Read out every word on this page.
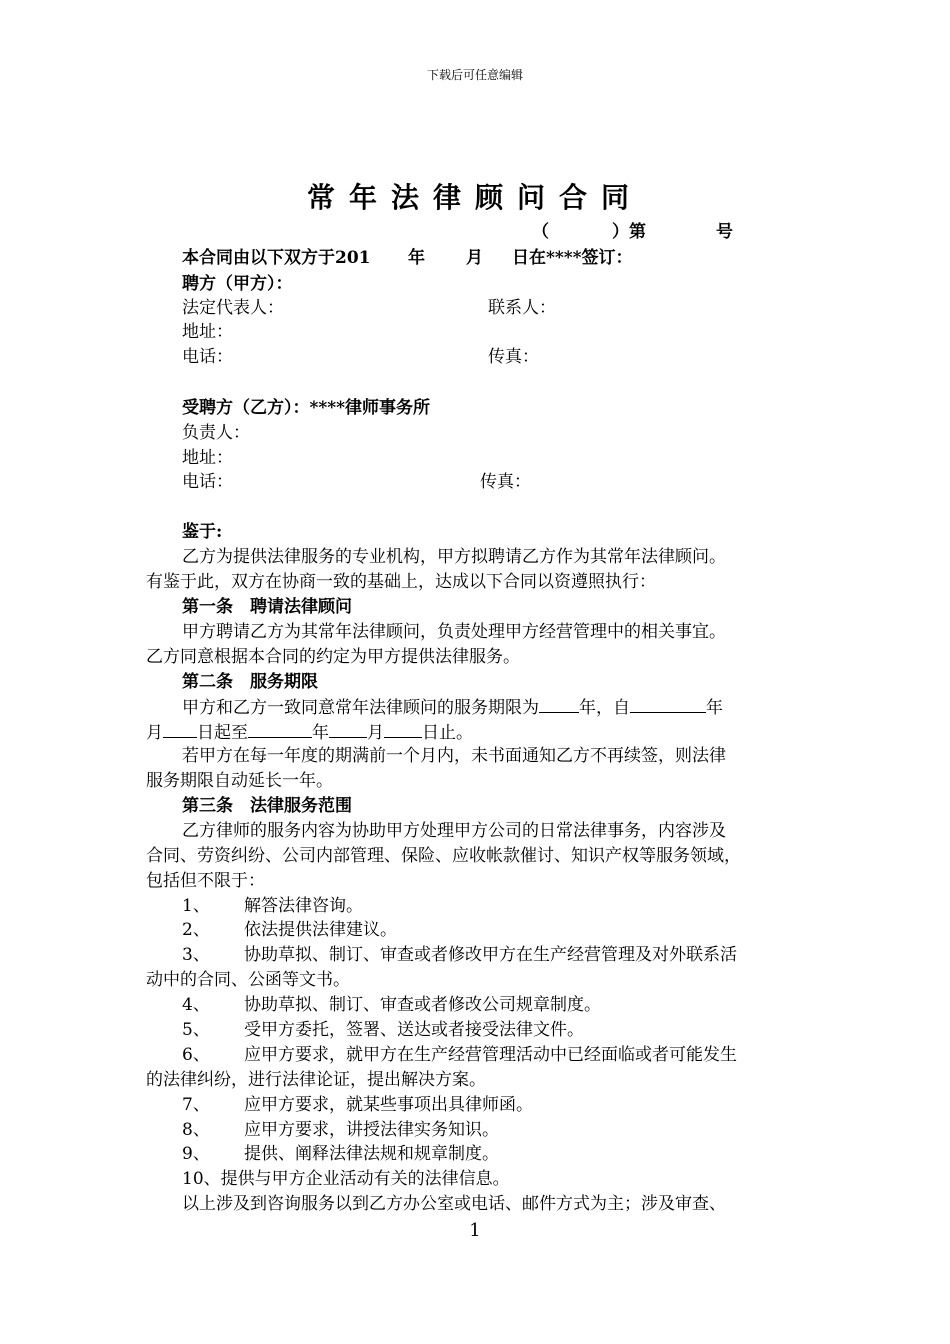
下载后可任意编辑
常年法律顾问合同
（	）第	号
本合同由以下双方于201 年 月 日在****签订：
聘方（甲方）：
法定代表人：	联系人：
地址：
电话：	传真：
受聘方（乙方）：****律师事务所
负责人：
地址：
电话：	传真：
鉴于:
乙方为提供法律服务的专业机构，甲方拟聘请乙方作为其常年法律顾问。
有鉴于此，双方在协商一致的基础上，达成以下合同以资遵照执行：
第一条　聘请法律顾问
甲方聘请乙方为其常年法律顾问，负责处理甲方经营管理中的相关事宜。
乙方同意根据本合同的约定为甲方提供法律服务。
第二条　服务期限
甲方和乙方一致同意常年法律顾问的服务期限为 年，自	年
月 日起至	年 月 日止。
若甲方在每一年度的期满前一个月内，未书面通知乙方不再续签，则法律
服务期限自动延长一年。
第三条　法律服务范围
乙方律师的服务内容为协助甲方处理甲方公司的日常法律事务，内容涉及
合同、劳资纠纷、公司内部管理、保险、应收帐款催讨、知识产权等服务领域，
包括但不限于：
1、 解答法律咨询。
2、 依法提供法律建议。
3、 协助草拟、制订、审查或者修改甲方在生产经营管理及对外联系活
动中的合同、公函等文书。
4、 协助草拟、制订、审查或者修改公司规章制度。
5、 受甲方委托，签署、送达或者接受法律文件。
6、 应甲方要求，就甲方在生产经营管理活动中已经面临或者可能发生
的法律纠纷，进行法律论证，提出解决方案。
7、 应甲方要求，就某些事项出具律师函。
8、 应甲方要求，讲授法律实务知识。
9、 提供、阐释法律法规和规章制度。
10、提供与甲方企业活动有关的法律信息。
以上涉及到咨询服务以到乙方办公室或电话、邮件方式为主；涉及审查、
1
